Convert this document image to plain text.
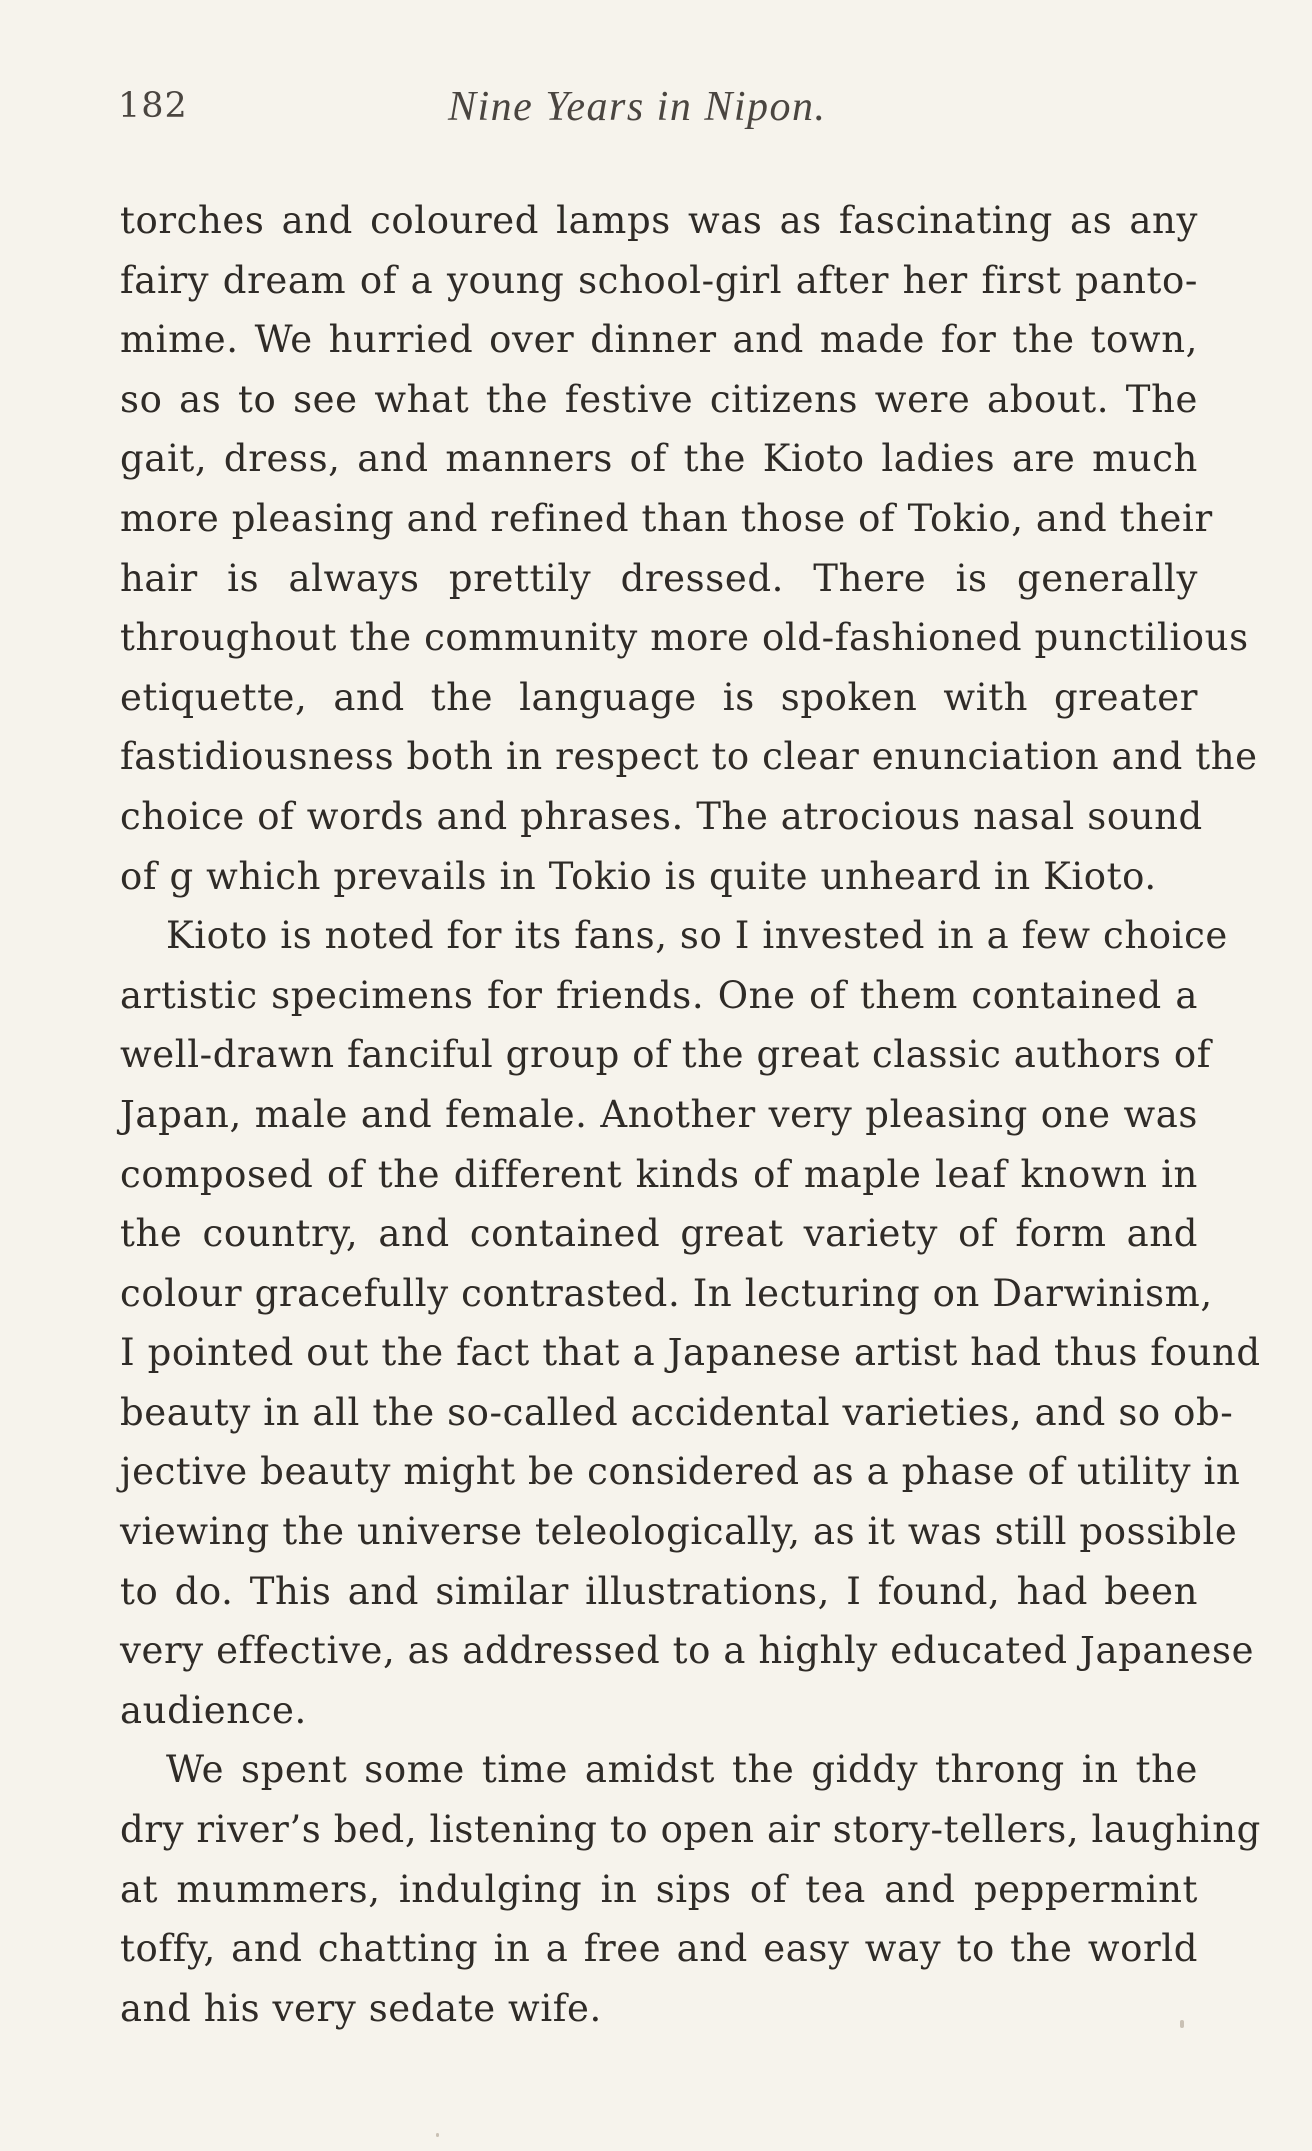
182	Nine Years in Nipon.

torches and coloured lamps was as fascinating as any
fairy dream of a young school-girl after her first panto-
mime. We hurried over dinner and made for the town,
so as to see what the festive citizens were about. The
gait, dress, and manners of the Kioto ladies are much
more pleasing and refined than those of Tokio, and their
hair is always prettily dressed. There is generally
throughout the community more old-fashioned punctilious
etiquette, and the language is spoken with greater
fastidiousness both in respect to clear enunciation and the
choice of words and phrases. The atrocious nasal sound
of g which prevails in Tokio is quite unheard in Kioto.

Kioto is noted for its fans, so I invested in a few choice
artistic specimens for friends. One of them contained a
well-drawn fanciful group of the great classic authors of
Japan, male and female. Another very pleasing one was
composed of the different kinds of maple leaf known in
the country, and contained great variety of form and
colour gracefully contrasted. In lecturing on Darwinism,
I pointed out the fact that a Japanese artist had thus found
beauty in all the so-called accidental varieties, and so ob-
jective beauty might be considered as a phase of utility in
viewing the universe teleologically, as it was still possible
to do. This and similar illustrations, I found, had been
very effective, as addressed to a highly educated Japanese
audience.

We spent some time amidst the giddy throng in the
dry river’s bed, listening to open air story-tellers, laughing
at mummers, indulging in sips of tea and peppermint
toffy, and chatting in a free and easy way to the world
and his very sedate wife.
